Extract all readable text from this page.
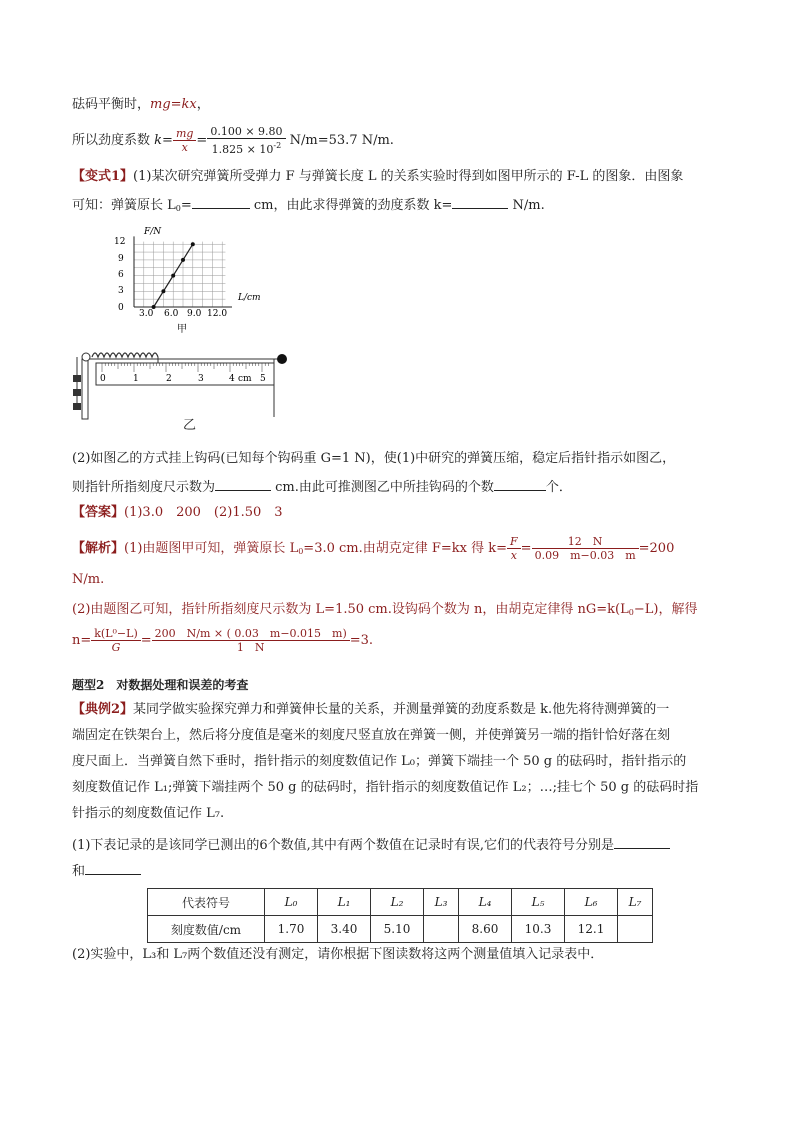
砝码平衡时，mg=kx，
所以劲度系数 $k= \frac{mg}{x} = \frac{0.100 \times 9.80}{1.825 \times 10^{-2}} N/m=53.7$ N/m.
【变式1】(1)某次研究弹簧所受弹力 F 与弹簧长度 L 的关系实验时得到如图甲所示的 F-L 的图象．由图象
可知：弹簧原长 $L_0=$	cm，由此求得弹簧的劲度系数 k=	N/m.
F/N
L/cm
12
9
6
3
0
3.0 6.0 9.0 12.0
甲
0	1	2	3	4 cm 5
乙
(2)如图乙的方式挂上钩码(已知每个钩码重 G=1 N)，使(1)中研究的弹簧压缩，稳定后指针指示如图乙，
则指针所指刻度尺示数为	cm.由此可推测图乙中所挂钩码的个数	个．
【答案】(1)3.0　200　(2)1.50　3
【解析】(1)由题图甲可知，弹簧原长 $L_0=3.0$ cm.由胡克定律 F=kx 得 $k= \frac{F}{x} = \frac{12 N}{0.09 m-0.03 m} =200$
N/m.
(2)由题图乙可知，指针所指刻度尺示数为 L=1.50 cm.设钩码个数为 n，由胡克定律得 $nG=k(L_0-L)$，解得
$n= \frac{\text{k(L⁰−L)}}{G} = \frac{200 N/m \times ( 0.03 m-0.015 m)}{1 N} =3$.
题型2　对数据处理和误差的考查
【典例2】某同学做实验探究弹力和弹簧伸长量的关系，并测量弹簧的劲度系数是 k.他先将待测弹簧的一
端固定在铁架台上，然后将分度值是毫米的刻度尺竖直放在弹簧一侧，并使弹簧另一端的指针恰好落在刻
度尺面上．当弹簧自然下垂时，指针指示的刻度数值记作 L₀；弹簧下端挂一个 50 g 的砝码时，指针指示的
刻度数值记作 L₁;弹簧下端挂两个 50 g 的砝码时，指针指示的刻度数值记作 L₂；…;挂七个 50 g 的砝码时指
针指示的刻度数值记作 L₇.
(1)下表记录的是该同学已测出的6个数值,其中有两个数值在记录时有误,它们的代表符号分别是
和
代表符号	L₀	L₁	L₂	L₃	L₄	L₅	L₆	L₇
刻度数值/cm	1.70	3.40	5.10		8.60	10.3	12.1	
(2)实验中，L₃和 L₇两个数值还没有测定，请你根据下图读数将这两个测量值填入记录表中．
